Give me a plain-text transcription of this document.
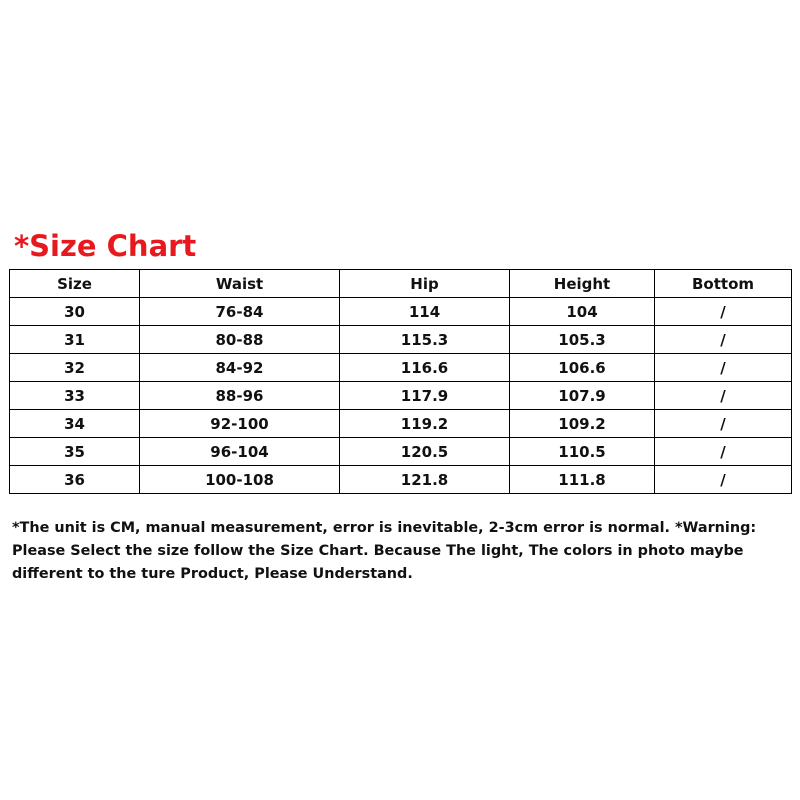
*Size Chart
Size	Waist	Hip	Height	Bottom
30	76-84	114	104	/
31	80-88	115.3	105.3	/
32	84-92	116.6	106.6	/
33	88-96	117.9	107.9	/
34	92-100	119.2	109.2	/
35	96-104	120.5	110.5	/
36	100-108	121.8	111.8	/

*The unit is CM, manual measurement, error is inevitable, 2-3cm error is normal. *Warning:

Please Select the size follow the Size Chart. Because The light, The colors in photo maybe

different to the ture Product, Please Understand.
